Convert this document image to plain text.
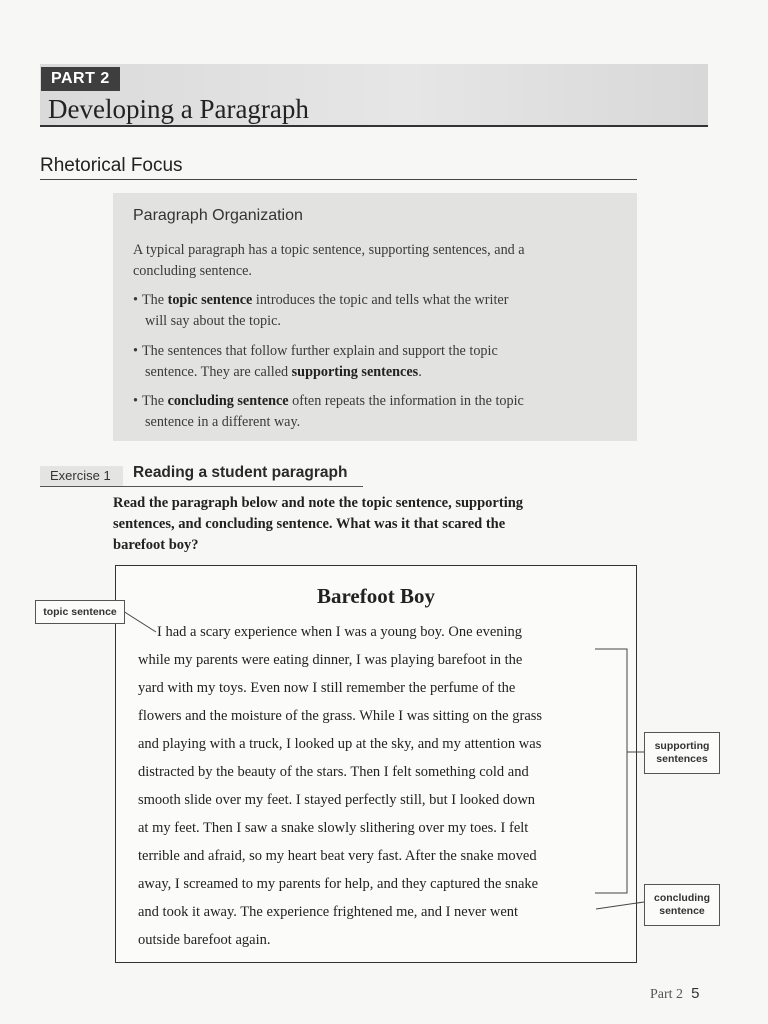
PART 2
Developing a Paragraph
Rhetorical Focus
Paragraph Organization
A typical paragraph has a topic sentence, supporting sentences, and a
concluding sentence.
• The topic sentence introduces the topic and tells what the writer
will say about the topic.
• The sentences that follow further explain and support the topic
sentence. They are called supporting sentences.
• The concluding sentence often repeats the information in the topic
sentence in a different way.
Exercise 1	Reading a student paragraph
Read the paragraph below and note the topic sentence, supporting
sentences, and concluding sentence. What was it that scared the
barefoot boy?
Barefoot Boy
I had a scary experience when I was a young boy. One evening
while my parents were eating dinner, I was playing barefoot in the
yard with my toys. Even now I still remember the perfume of the
flowers and the moisture of the grass. While I was sitting on the grass
and playing with a truck, I looked up at the sky, and my attention was
distracted by the beauty of the stars. Then I felt something cold and
smooth slide over my feet. I stayed perfectly still, but I looked down
at my feet. Then I saw a snake slowly slithering over my toes. I felt
terrible and afraid, so my heart beat very fast. After the snake moved
away, I screamed to my parents for help, and they captured the snake
and took it away. The experience frightened me, and I never went
outside barefoot again.
topic sentence
supporting
sentences
concluding
sentence
Part 2 5
